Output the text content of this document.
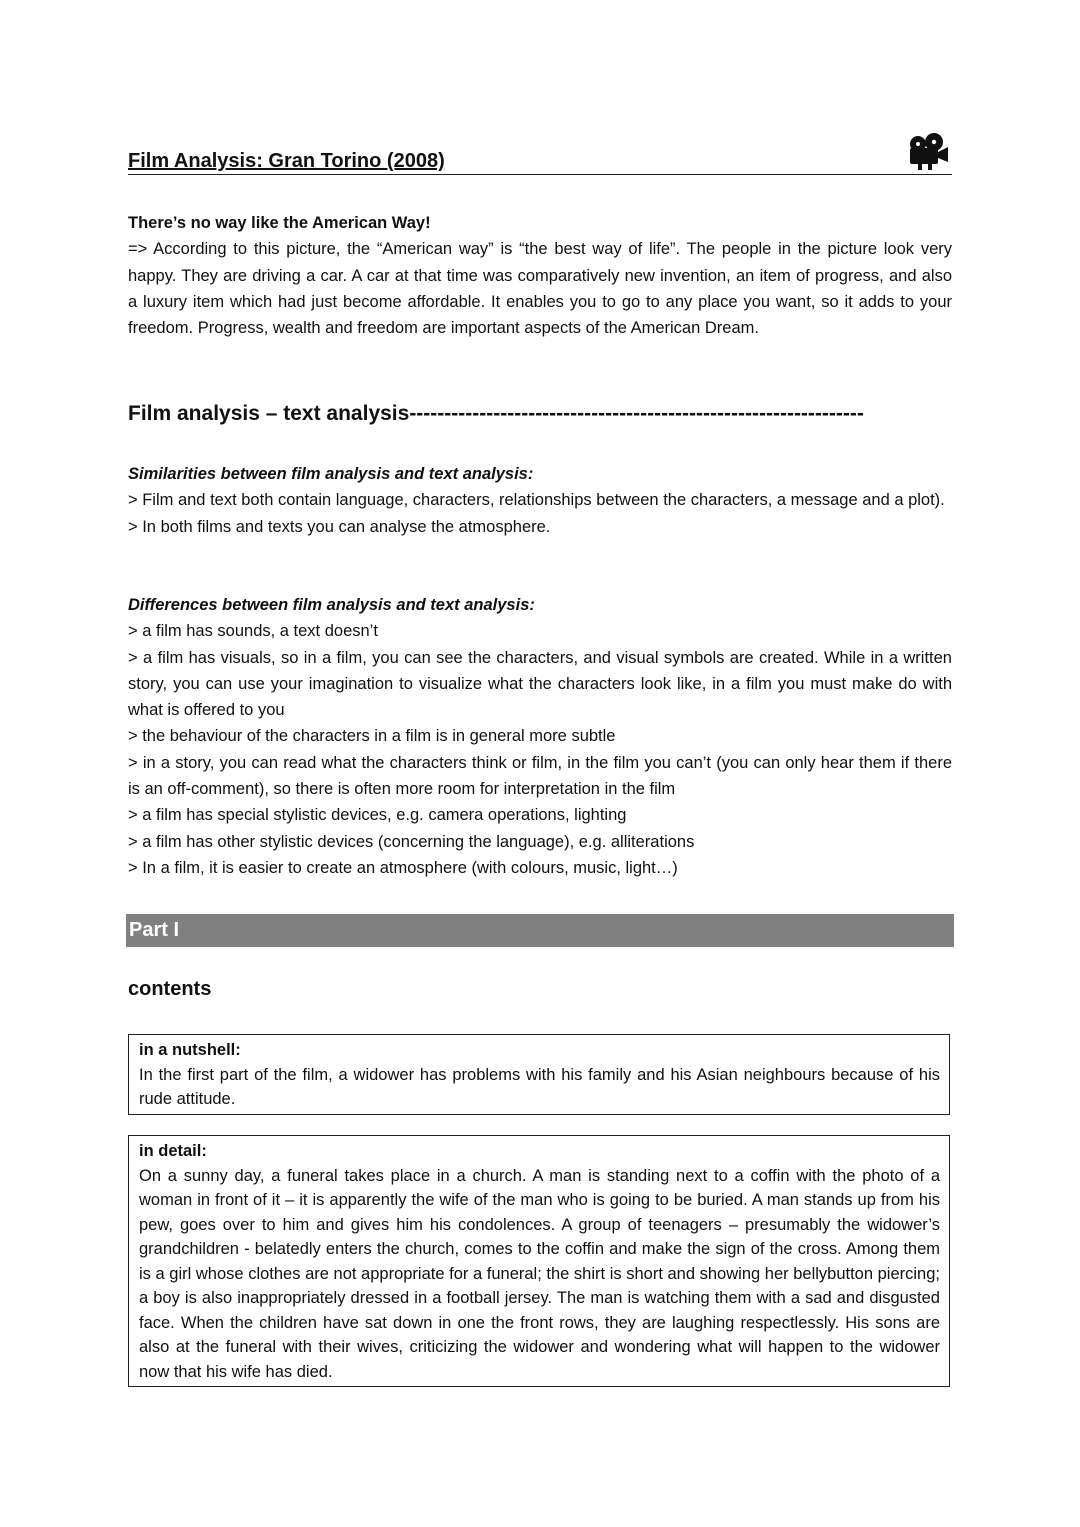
Film Analysis: Gran Torino (2008)
There’s no way like the American Way!
=> According to this picture, the “American way” is “the best way of life”. The people in the picture look very happy. They are driving a car. A car at that time was comparatively new invention, an item of progress, and also a luxury item which had just become affordable. It enables you to go to any place you want, so it adds to your freedom. Progress, wealth and freedom are important aspects of the American Dream.
Film analysis – text analysis-----------------------------------------------------------------
Similarities between film analysis and text analysis:
> Film and text both contain language, characters, relationships between the characters, a message and a plot).
> In both films and texts you can analyse the atmosphere.
Differences between film analysis and text analysis:
> a film has sounds, a text doesn’t
> a film has visuals, so in a film, you can see the characters, and visual symbols are created. While in a written story, you can use your imagination to visualize what the characters look like, in a film you must make do with what is offered to you
> the behaviour of the characters in a film is in general more subtle
> in a story, you can read what the characters think or film, in the film you can’t (you can only hear them if there is an off-comment), so there is often more room for interpretation in the film
> a film has special stylistic devices, e.g. camera operations, lighting
> a film has other stylistic devices (concerning the language), e.g. alliterations
> In a film, it is easier to create an atmosphere (with colours, music, light…)
Part I
contents
in a nutshell:
In the first part of the film, a widower has problems with his family and his Asian neighbours because of his rude attitude.
in detail:
On a sunny day, a funeral takes place in a church. A man is standing next to a coffin with the photo of a woman in front of it – it is apparently the wife of the man who is going to be buried. A man stands up from his pew, goes over to him and gives him his condolences. A group of teenagers – presumably the widower’s grandchildren - belatedly enters the church, comes to the coffin and make the sign of the cross. Among them is a girl whose clothes are not appropriate for a funeral; the shirt is short and showing her bellybutton piercing; a boy is also inappropriately dressed in a football jersey. The man is watching them with a sad and disgusted face. When the children have sat down in one the front rows, they are laughing respectlessly. His sons are also at the funeral with their wives, criticizing the widower and wondering what will happen to the widower now that his wife has died.
